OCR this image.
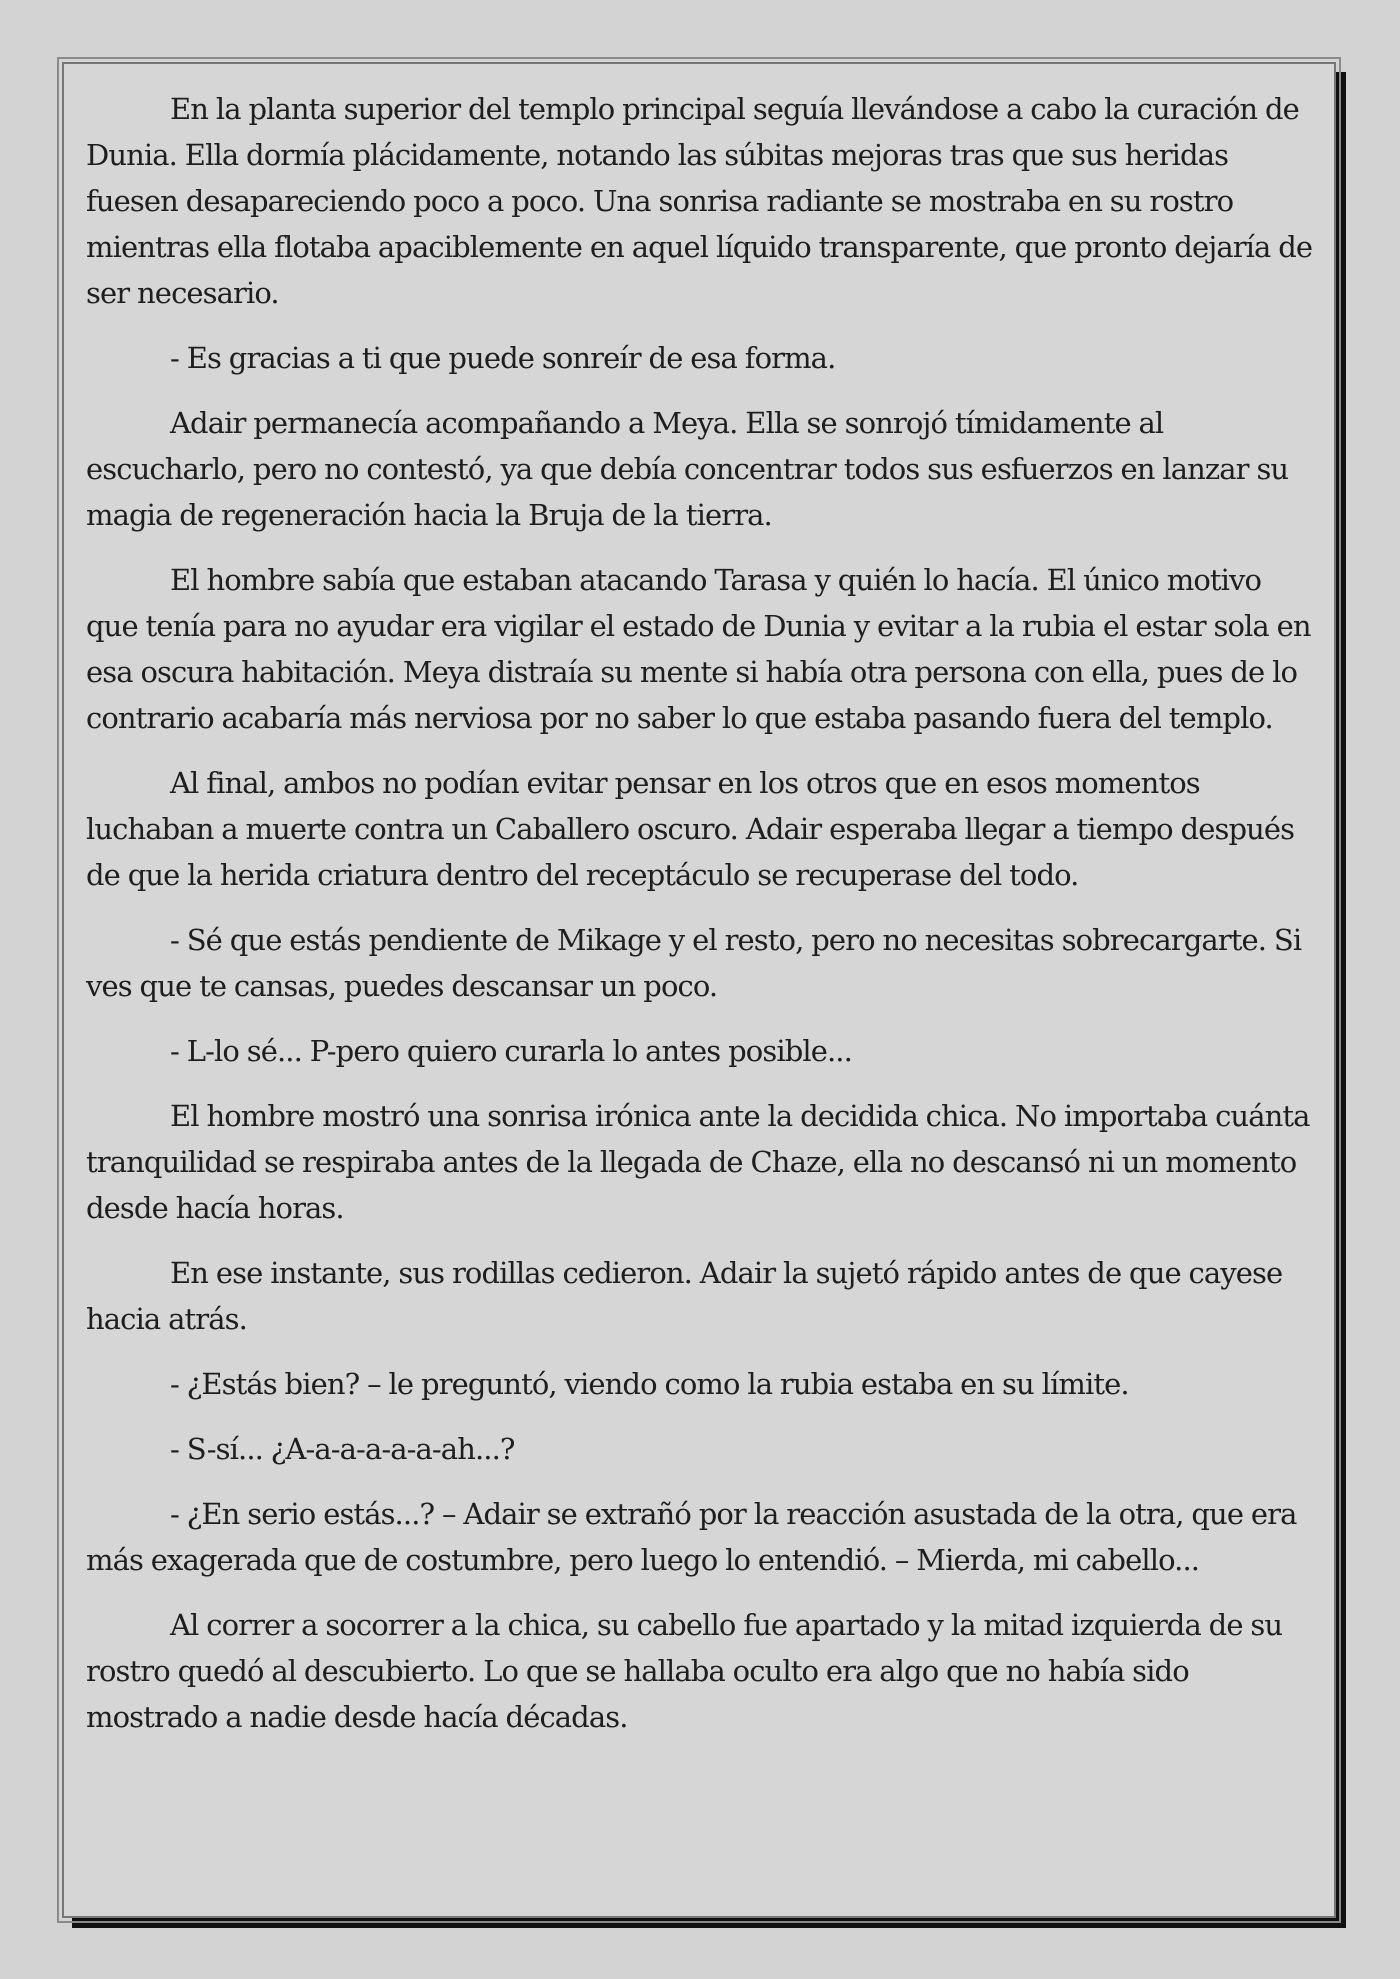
En la planta superior del templo principal seguía llevándose a cabo la curación de Dunia. Ella dormía plácidamente, notando las súbitas mejoras tras que sus heridas fuesen desapareciendo poco a poco. Una sonrisa radiante se mostraba en su rostro mientras ella flotaba apaciblemente en aquel líquido transparente, que pronto dejaría de ser necesario.

- Es gracias a ti que puede sonreír de esa forma.

Adair permanecía acompañando a Meya. Ella se sonrojó tímidamente al escucharlo, pero no contestó, ya que debía concentrar todos sus esfuerzos en lanzar su magia de regeneración hacia la Bruja de la tierra.

El hombre sabía que estaban atacando Tarasa y quién lo hacía. El único motivo que tenía para no ayudar era vigilar el estado de Dunia y evitar a la rubia el estar sola en esa oscura habitación. Meya distraía su mente si había otra persona con ella, pues de lo contrario acabaría más nerviosa por no saber lo que estaba pasando fuera del templo.

Al final, ambos no podían evitar pensar en los otros que en esos momentos luchaban a muerte contra un Caballero oscuro. Adair esperaba llegar a tiempo después de que la herida criatura dentro del receptáculo se recuperase del todo.

- Sé que estás pendiente de Mikage y el resto, pero no necesitas sobrecargarte. Si ves que te cansas, puedes descansar un poco.

- L-lo sé... P-pero quiero curarla lo antes posible...

El hombre mostró una sonrisa irónica ante la decidida chica. No importaba cuánta tranquilidad se respiraba antes de la llegada de Chaze, ella no descansó ni un momento desde hacía horas.

En ese instante, sus rodillas cedieron. Adair la sujetó rápido antes de que cayese hacia atrás.

- ¿Estás bien? – le preguntó, viendo como la rubia estaba en su límite.

- S-sí... ¿A-a-a-a-a-a-ah...?

- ¿En serio estás...? – Adair se extrañó por la reacción asustada de la otra, que era más exagerada que de costumbre, pero luego lo entendió. – Mierda, mi cabello...

Al correr a socorrer a la chica, su cabello fue apartado y la mitad izquierda de su rostro quedó al descubierto. Lo que se hallaba oculto era algo que no había sido mostrado a nadie desde hacía décadas.
